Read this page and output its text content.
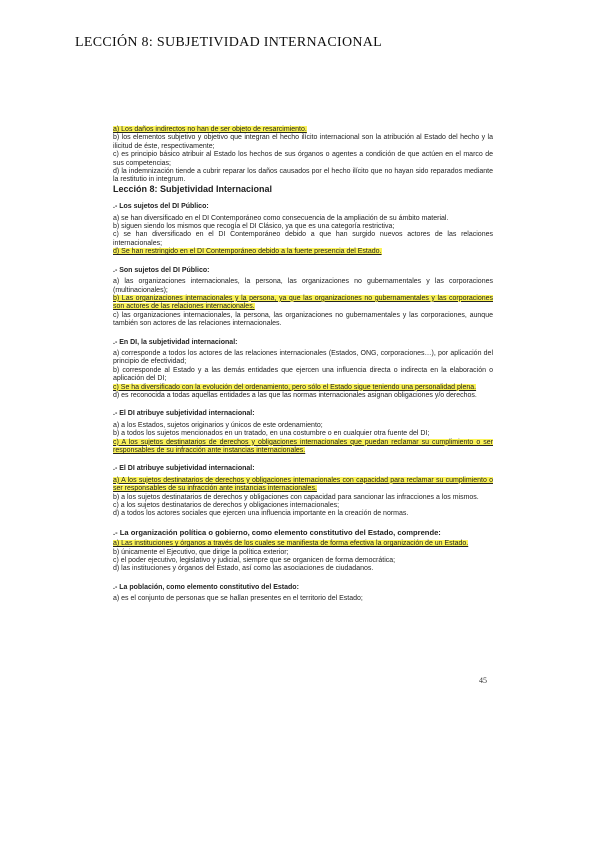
LECCIÓN 8: SUBJETIVIDAD INTERNACIONAL

a) Los daños indirectos no han de ser objeto de resarcimiento.

b) los elementos subjetivo y objetivo que integran el hecho ilícito internacional son la atribución al Estado del hecho y la ilicitud de éste, respectivamente;

c) es principio básico atribuir al Estado los hechos de sus órganos o agentes a condición de que actúen en el marco de sus competencias;

d) la indemnización tiende a cubrir reparar los daños causados por el hecho ilícito que no hayan sido reparados mediante la restitutio in integrum.

Lección 8: Subjetividad Internacional

.- Los sujetos del DI Público:

a) se han diversificado en el DI Contemporáneo como consecuencia de la ampliación de su ámbito material.

b) siguen siendo los mismos que recogía el DI Clásico, ya que es una categoría restrictiva;

c) se han diversificado en el DI Contemporáneo debido a que han surgido nuevos actores de las relaciones internacionales;

d) Se han restringido en el DI Contemporáneo debido a la fuerte presencia del Estado.

.- Son sujetos del DI Público:

a) las organizaciones internacionales, la persona, las organizaciones no gubernamentales y las corporaciones (multinacionales);

b) Las organizaciones internacionales y la persona, ya que las organizaciones no gubernamentales y las corporaciones son actores de las relaciones internacionales.

c) las organizaciones internacionales, la persona, las organizaciones no gubernamentales y las corporaciones, aunque también son actores de las relaciones internacionales.

.- En DI, la subjetividad internacional:

a) corresponde a todos los actores de las relaciones internacionales (Estados, ONG, corporaciones…), por aplicación del principio de efectividad;

b) corresponde al Estado y a las demás entidades que ejercen una influencia directa o indirecta en la elaboración o aplicación del DI;

c) Se ha diversificado con la evolución del ordenamiento, pero sólo el Estado sigue teniendo una personalidad plena.

d) es reconocida a todas aquellas entidades a las que las normas internacionales asignan obligaciones y/o derechos.

.- El DI atribuye subjetividad internacional:

a) a los Estados, sujetos originarios y únicos de este ordenamiento;

b) a todos los sujetos mencionados en un tratado, en una costumbre o en cualquier otra fuente del DI;

c) A los sujetos destinatarios de derechos y obligaciones internacionales que puedan reclamar su cumplimiento o ser responsables de su infracción ante instancias internacionales.

.- El DI atribuye subjetividad internacional:

a) A los sujetos destinatarios de derechos y obligaciones internacionales con capacidad para reclamar su cumplimiento o ser responsables de su infracción ante instancias internacionales.

b) a los sujetos destinatarios de derechos y obligaciones con capacidad para sancionar las infracciones a los mismos.

c) a los sujetos destinatarios de derechos y obligaciones internacionales;

d) a todos los actores sociales que ejercen una influencia importante en la creación de normas.

.- La organización política o gobierno, como elemento constitutivo del Estado, comprende:

a) Las instituciones y órganos a través de los cuales se manifiesta de forma efectiva la organización de un Estado.

b) únicamente el Ejecutivo, que dirige la política exterior;

c) el poder ejecutivo, legislativo y judicial, siempre que se organicen de forma democrática;

d) las instituciones y órganos del Estado, así como las asociaciones de ciudadanos.

.- La población, como elemento constitutivo del Estado:

a) es el conjunto de personas que se hallan presentes en el territorio del Estado;

45
